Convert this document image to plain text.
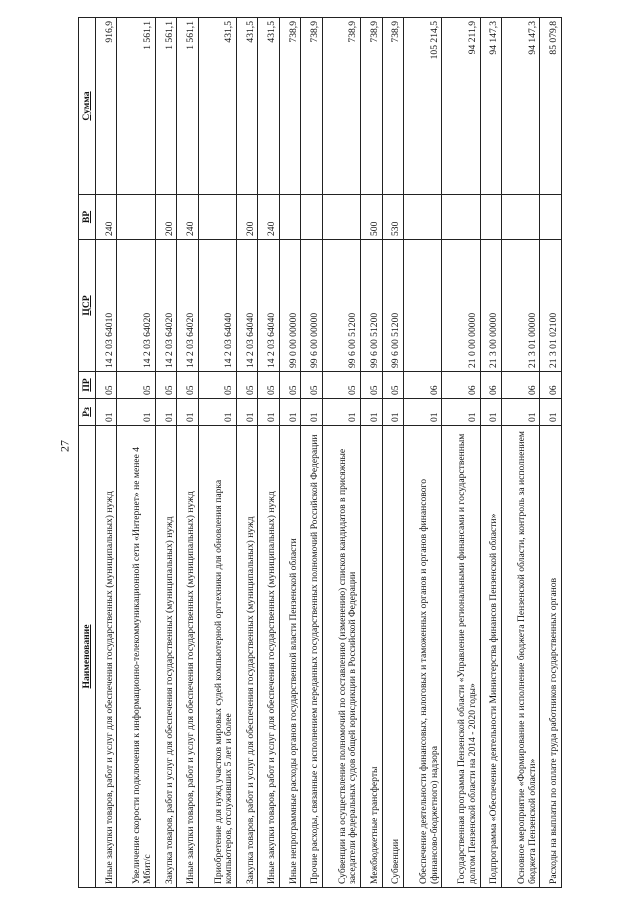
27
Наименование	Рз	ПР	ЦСР	ВР	Сумма
Иные закупки товаров, работ и услуг для обеспечения государственных (муниципальных) нужд	01	05	14 2 03 64010	240	916,9
Увеличение скорости подключения к информационно-телекоммуникационной сети «Интернет» не менее 4 Мбит/с	01	05	14 2 03 64020		1 561,1
Закупка товаров, работ и услуг для обеспечения государственных (муниципальных) нужд	01	05	14 2 03 64020	200	1 561,1
Иные закупки товаров, работ и услуг для обеспечения государственных (муниципальных) нужд	01	05	14 2 03 64020	240	1 561,1
Приобретение для нужд участков мировых судей компьютерной оргтехники для обновления парка компьютеров, отслуживших 5 лет и более	01	05	14 2 03 64040		431,5
Закупка товаров, работ и услуг для обеспечения государственных (муниципальных) нужд	01	05	14 2 03 64040	200	431,5
Иные закупки товаров, работ и услуг для обеспечения государственных (муниципальных) нужд	01	05	14 2 03 64040	240	431,5
Иные непрограммные расходы органов государственной власти Пензенской области	01	05	99 0 00 00000		738,9
Прочие расходы, связанные с исполнением переданных государственных полномочий Российской Федерации	01	05	99 6 00 00000		738,9
Субвенции на осуществление полномочий по составлению (изменению) списков кандидатов в присяжные заседатели федеральных судов общей юрисдикции в Российской Федерации	01	05	99 6 00 51200		738,9
Межбюджетные трансферты	01	05	99 6 00 51200	500	738,9
Субвенции	01	05	99 6 00 51200	530	738,9
Обеспечение деятельности финансовых, налоговых и таможенных органов и органов финансового (финансово-бюджетного) надзора	01	06			105 214,5
Государственная программа Пензенской области «Управление региональными финансами и государственным долгом Пензенской области на 2014 - 2020 годы»	01	06	21 0 00 00000		94 211,9
Подпрограмма «Обеспечение деятельности Министерства финансов Пензенской области»	01	06	21 3 00 00000		94 147,3
Основное мероприятие «Формирование и исполнение бюджета Пензенской области, контроль за исполнением бюджета Пензенской области»	01	06	21 3 01 00000		94 147,3
Расходы на выплаты по оплате труда работников государственных органов	01	06	21 3 01 02100		85 079,8
